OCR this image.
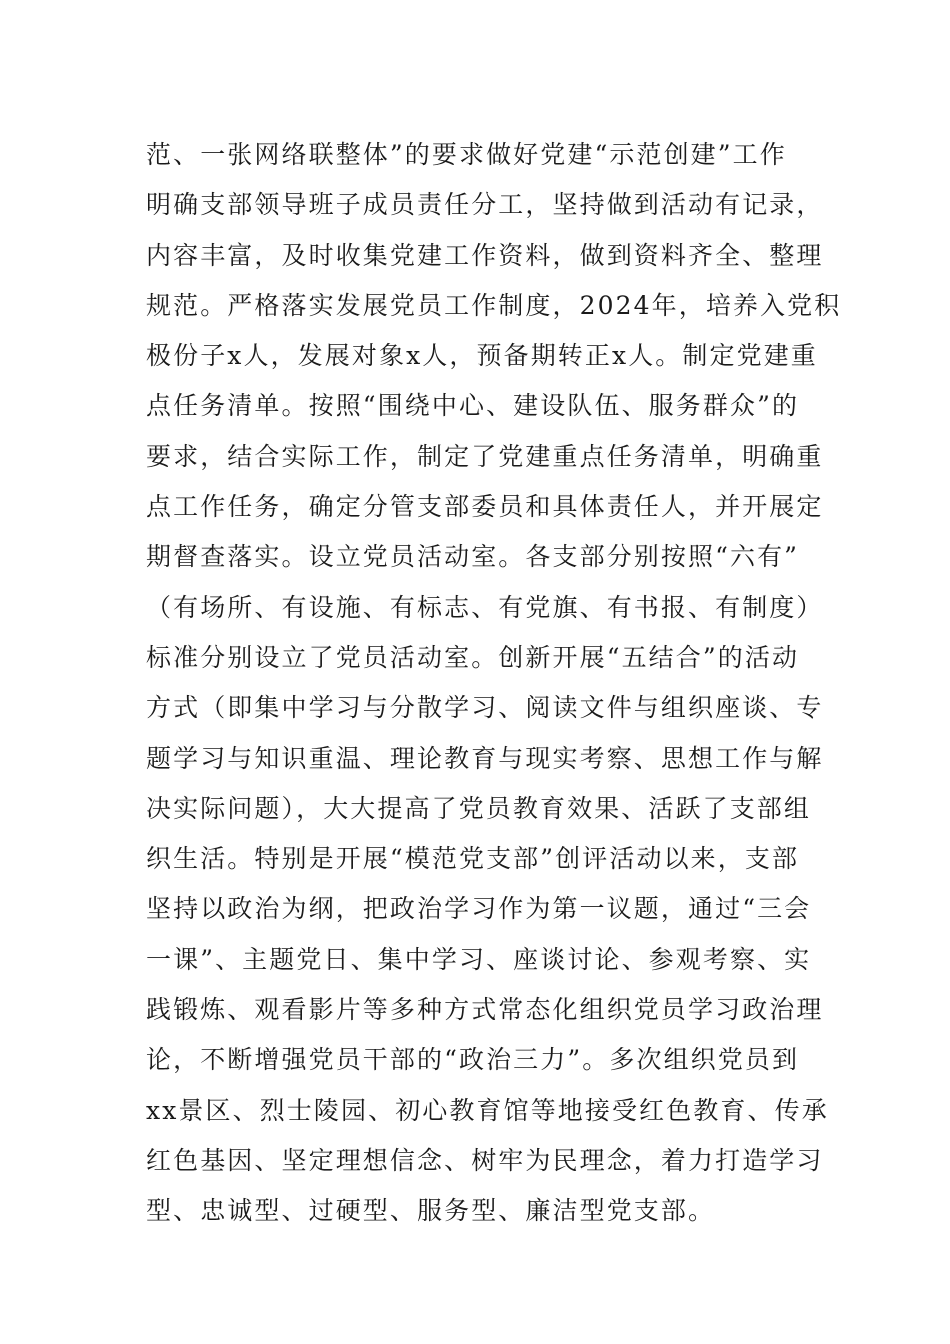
范、一张网络联整体”的要求做好党建“示范创建”工作
明确支部领导班子成员责任分工，坚持做到活动有记录，
内容丰富，及时收集党建工作资料，做到资料齐全、整理
规范。严格落实发展党员工作制度，2024年，培养入党积
极份子x人，发展对象x人，预备期转正x人。制定党建重
点任务清单。按照“围绕中心、建设队伍、服务群众”的
要求，结合实际工作，制定了党建重点任务清单，明确重
点工作任务，确定分管支部委员和具体责任人，并开展定
期督查落实。设立党员活动室。各支部分别按照“六有”
（有场所、有设施、有标志、有党旗、有书报、有制度）
标准分别设立了党员活动室。创新开展“五结合”的活动
方式（即集中学习与分散学习、阅读文件与组织座谈、专
题学习与知识重温、理论教育与现实考察、思想工作与解
决实际问题），大大提高了党员教育效果、活跃了支部组
织生活。特别是开展“模范党支部”创评活动以来，支部
坚持以政治为纲，把政治学习作为第一议题，通过“三会
一课”、主题党日、集中学习、座谈讨论、参观考察、实
践锻炼、观看影片等多种方式常态化组织党员学习政治理
论，不断增强党员干部的“政治三力”。多次组织党员到
xx景区、烈士陵园、初心教育馆等地接受红色教育、传承
红色基因、坚定理想信念、树牢为民理念，着力打造学习
型、忠诚型、过硬型、服务型、廉洁型党支部。
